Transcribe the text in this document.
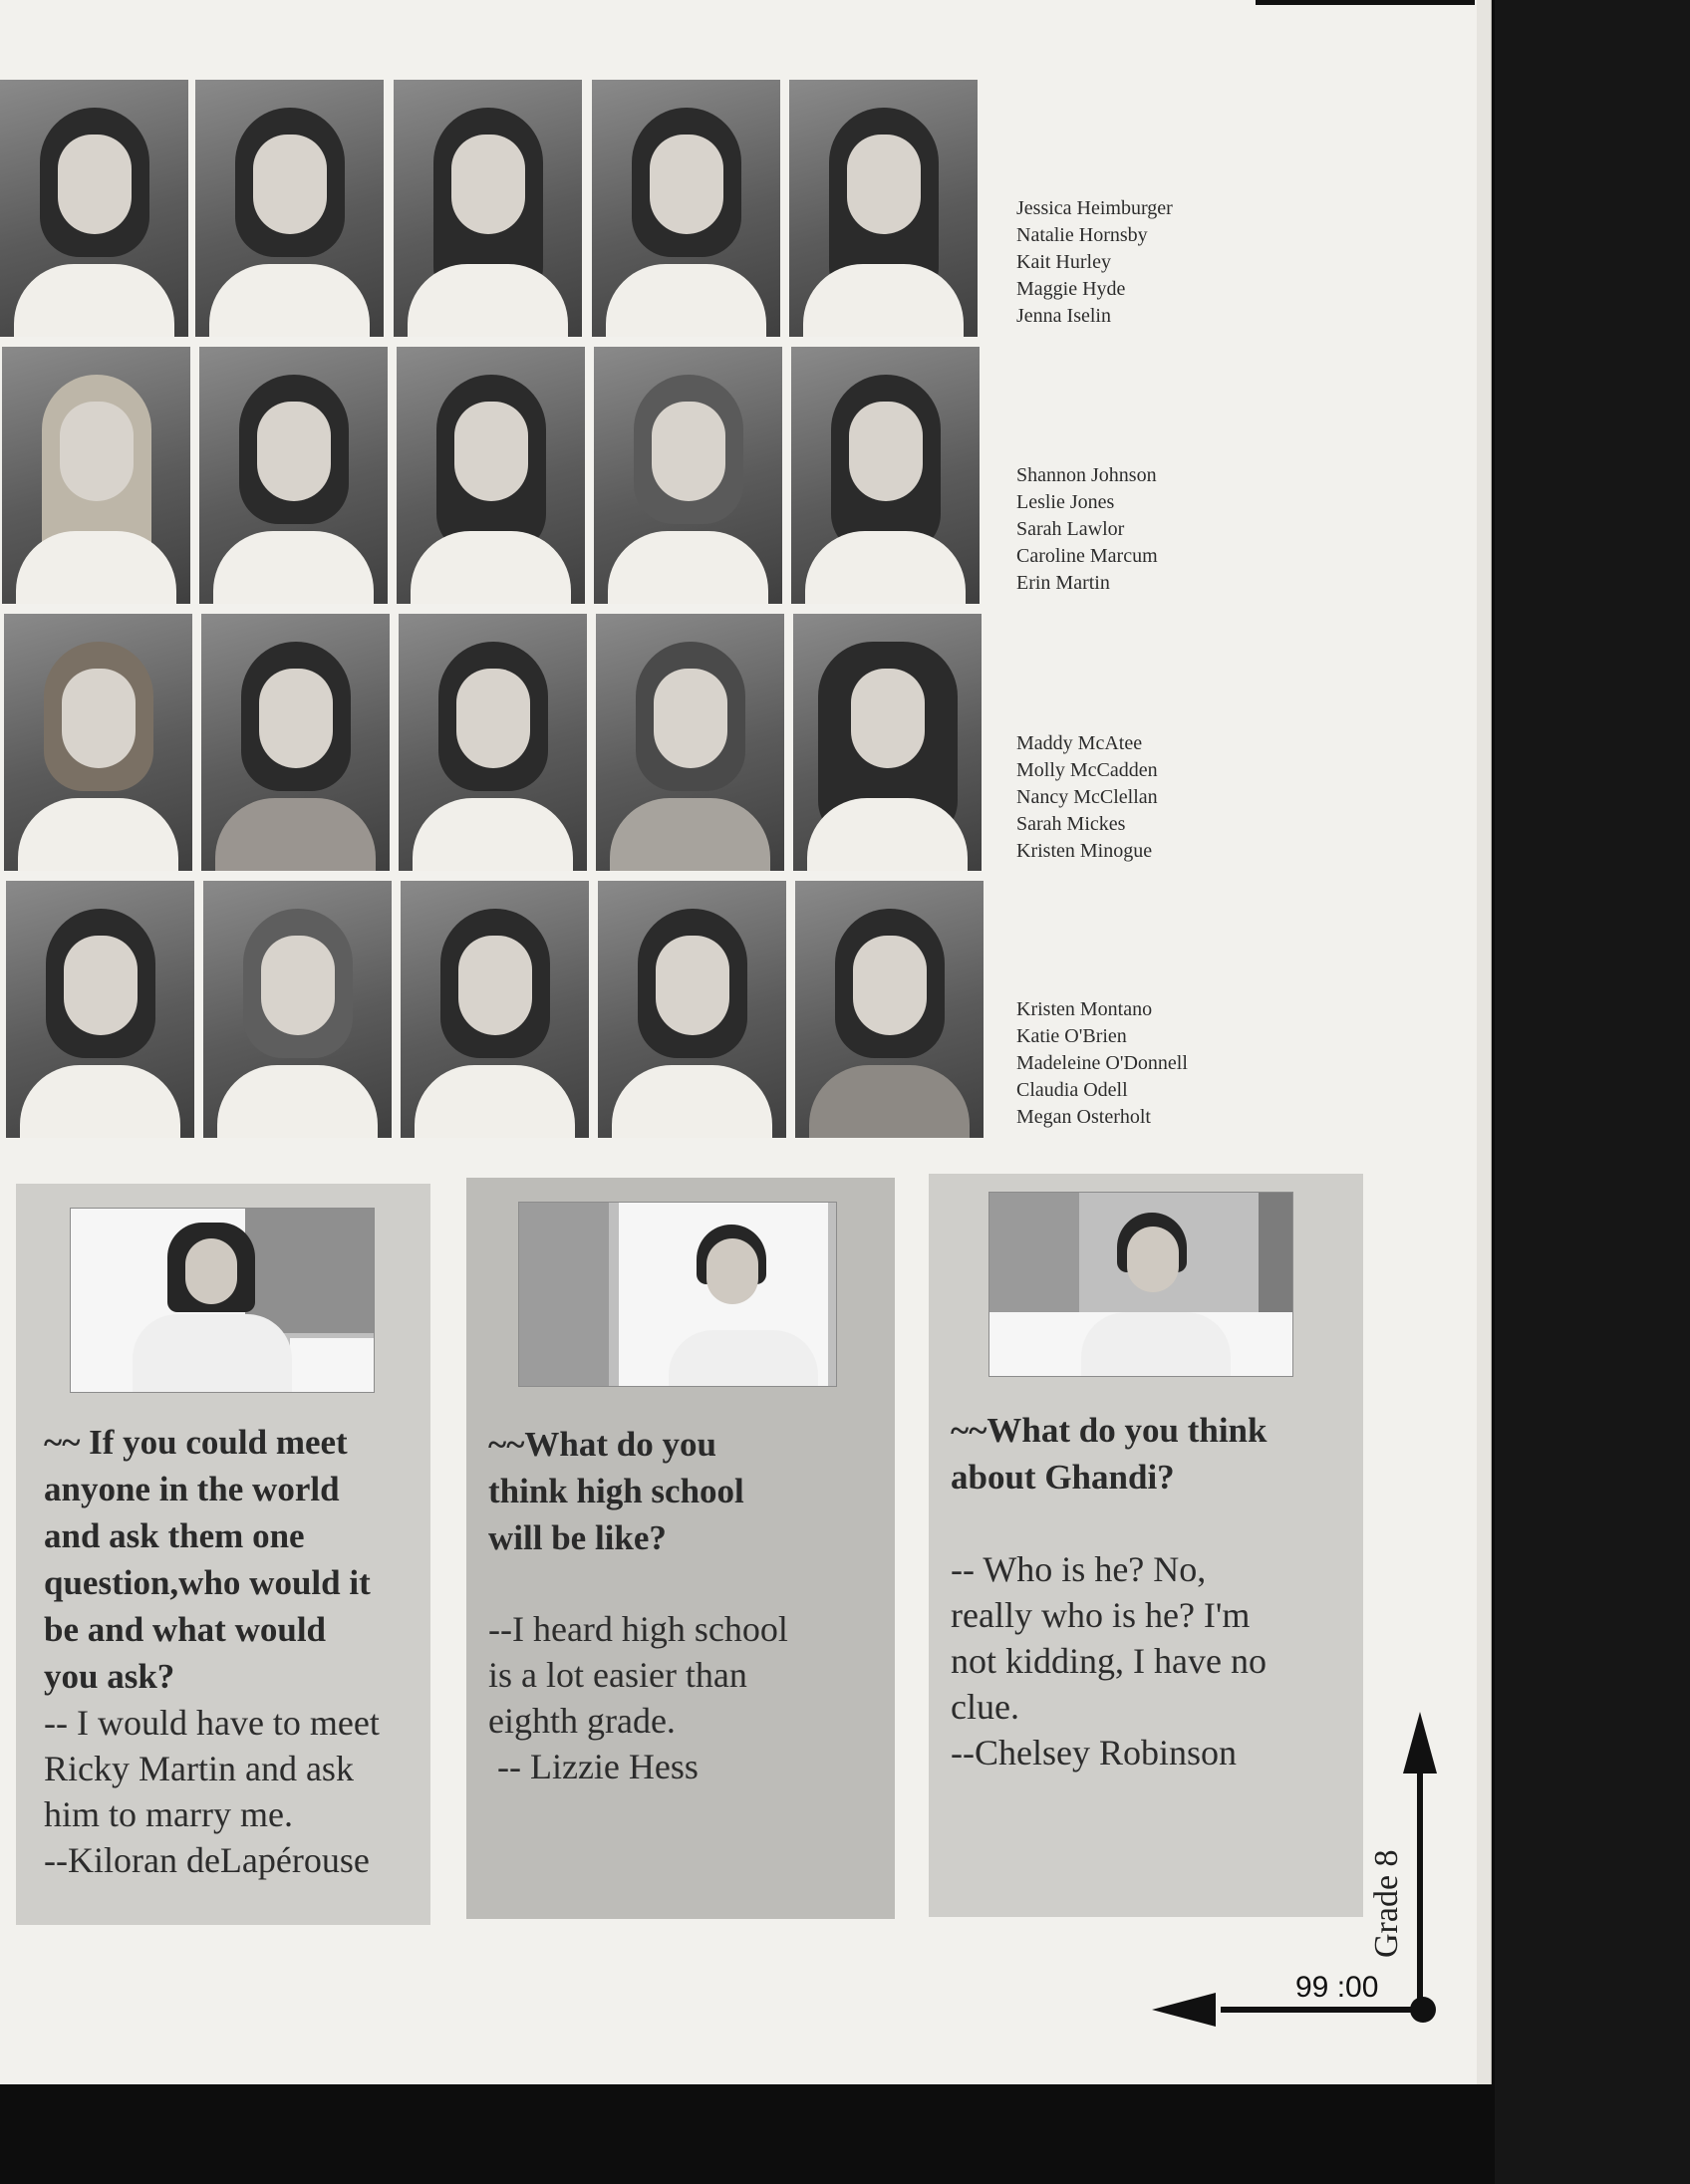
Jessica Heimburger
Natalie Hornsby
Kait Hurley
Maggie Hyde
Jenna Iselin
Shannon Johnson
Leslie Jones
Sarah Lawlor
Caroline Marcum
Erin Martin
Maddy McAtee
Molly McCadden
Nancy McClellan
Sarah Mickes
Kristen Minogue
Kristen Montano
Katie O'Brien
Madeleine O'Donnell
Claudia Odell
Megan Osterholt
~~ If you could meet
anyone in the world
and ask them one
question,who would it
be and what would
you ask?
-- I would have to meet
Ricky Martin and ask
him to marry me.
--Kiloran deLapérouse
~~What do you
think high school
will be like?
--I heard high school
is a lot easier than
eighth grade.
-- Lizzie Hess
~~What do you think
about Ghandi?
-- Who is he? No,
really who is he? I'm
not kidding, I have no
clue.
--Chelsey Robinson
Grade 8
99 :00
